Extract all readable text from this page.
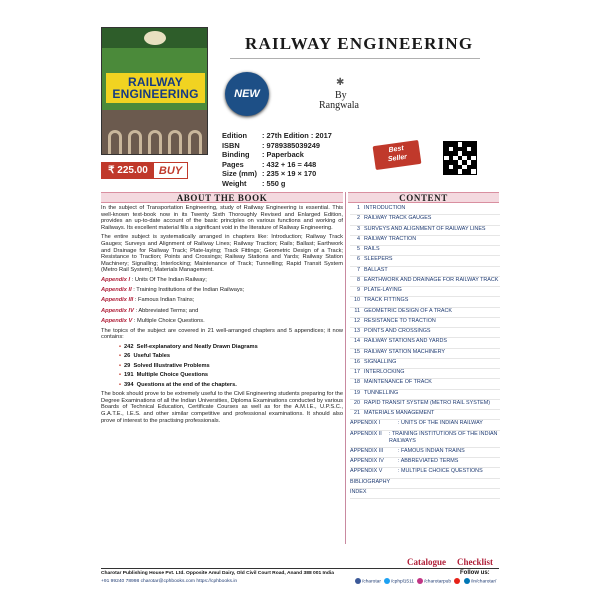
RAILWAY
ENGINEERING	NEW
RAILWAY ENGINEERING
✱
By
Rangwala
Edition	: 27th Edition : 2017
ISBN	: 9789385039249
Binding	: Paperback
Pages	: 432 + 16 = 448
Size (mm) : 235 × 19 × 170
Weight	: 550 g
₹ 225.00	BUY
Best
Seller
ABOUT THE BOOK	CONTENT

In the subject of Transportation Engineering, study of Railway Engineering is essential. This well-known text-book now in its Twenty Sixth Thoroughly Revised and Enlarged Edition, provides an up-to-date account of the basic principles on various functions and working of Railways. Its excellent material fills a significant void in the literature of Railway Engineering.

The entire subject is systematically arranged in chapters like: Introduction; Railway Track Gauges; Surveys and Alignment of Railway Lines; Railway Traction; Rails; Ballast; Earthwork and Drainage for Railway Track; Plate-laying; Track Fittings; Geometric Design of a Track; Resistance to Traction; Points and Crossings; Railway Stations and Yards; Railway Station Machinery; Signalling; Interlocking; Maintenance of Track; Tunnelling; Rapid Transit System (Metro Rail System); Materials Management.

Appendix I : Units Of The Indian Railway;
Appendix II : Training Institutions of the Indian Railways;
Appendix III : Famous Indian Trains;
Appendix IV : Abbreviated Terms; and
Appendix V : Multiple Choice Questions.

The topics of the subject are covered in 21 well-arranged chapters and 5 appendices; it now contains:

• 242 Self-explanatory and Neatly Drawn Diagrams
• 26 Useful Tables
• 29 Solved Illustrative Problems
• 191 Multiple Choice Questions
• 394 Questions at the end of the chapters.

The book should prove to be extremely useful to the Civil Engineering students preparing for the Degree Examinations of all the Indian Universities, Diploma Examinations conducted by various Boards of Technical Education, Certificate Courses as well as for the A.M.I.E., U.P.S.C., G.A.T.E., I.E.S. and other similar competitive and professional examinations. It should also prove of interest to the practising professionals.

1 INTRODUCTION
2 RAILWAY TRACK GAUGES
3 SURVEYS AND ALIGNMENT OF RAILWAY LINES
4 RAILWAY TRACTION
5 RAILS
6 SLEEPERS
7 BALLAST
8 EARTHWORK AND DRAINAGE FOR RAILWAY TRACK
9 PLATE-LAYING
10 TRACK FITTINGS
11 GEOMETRIC DESIGN OF A TRACK
12 RESISTANCE TO TRACTION
13 POINTS AND CROSSINGS
14 RAILWAY STATIONS AND YARDS
15 RAILWAY STATION MACHINERY
16 SIGNALLING
17 INTERLOCKING
18 MAINTENANCE OF TRACK
19 TUNNELLING
20 RAPID TRANSIT SYSTEM (METRO RAIL SYSTEM)
21 MATERIALS MANAGEMENT
APPENDIX I	: UNITS OF THE INDIAN RAILWAY
APPENDIX II	: TRAINING INSTITUTIONS OF THE INDIAN RAILWAYS
APPENDIX III	: FAMOUS INDIAN TRAINS
APPENDIX IV	: ABBREVIATED TERMS
APPENDIX V	: MULTIPLE CHOICE QUESTIONS
BIBLIOGRAPHY
INDEX
Catalogue Checklist
Charotar Publishing House Pvt. Ltd. Opposite Amul Dairy, Old Civil Court Road, Anand 388 001 India
+91 99240 78998 charotar@cphbooks.com https://cphbooks.in
Follow us:
/charotar	/cphpl1511	/charotarpub	/in/charotar/
